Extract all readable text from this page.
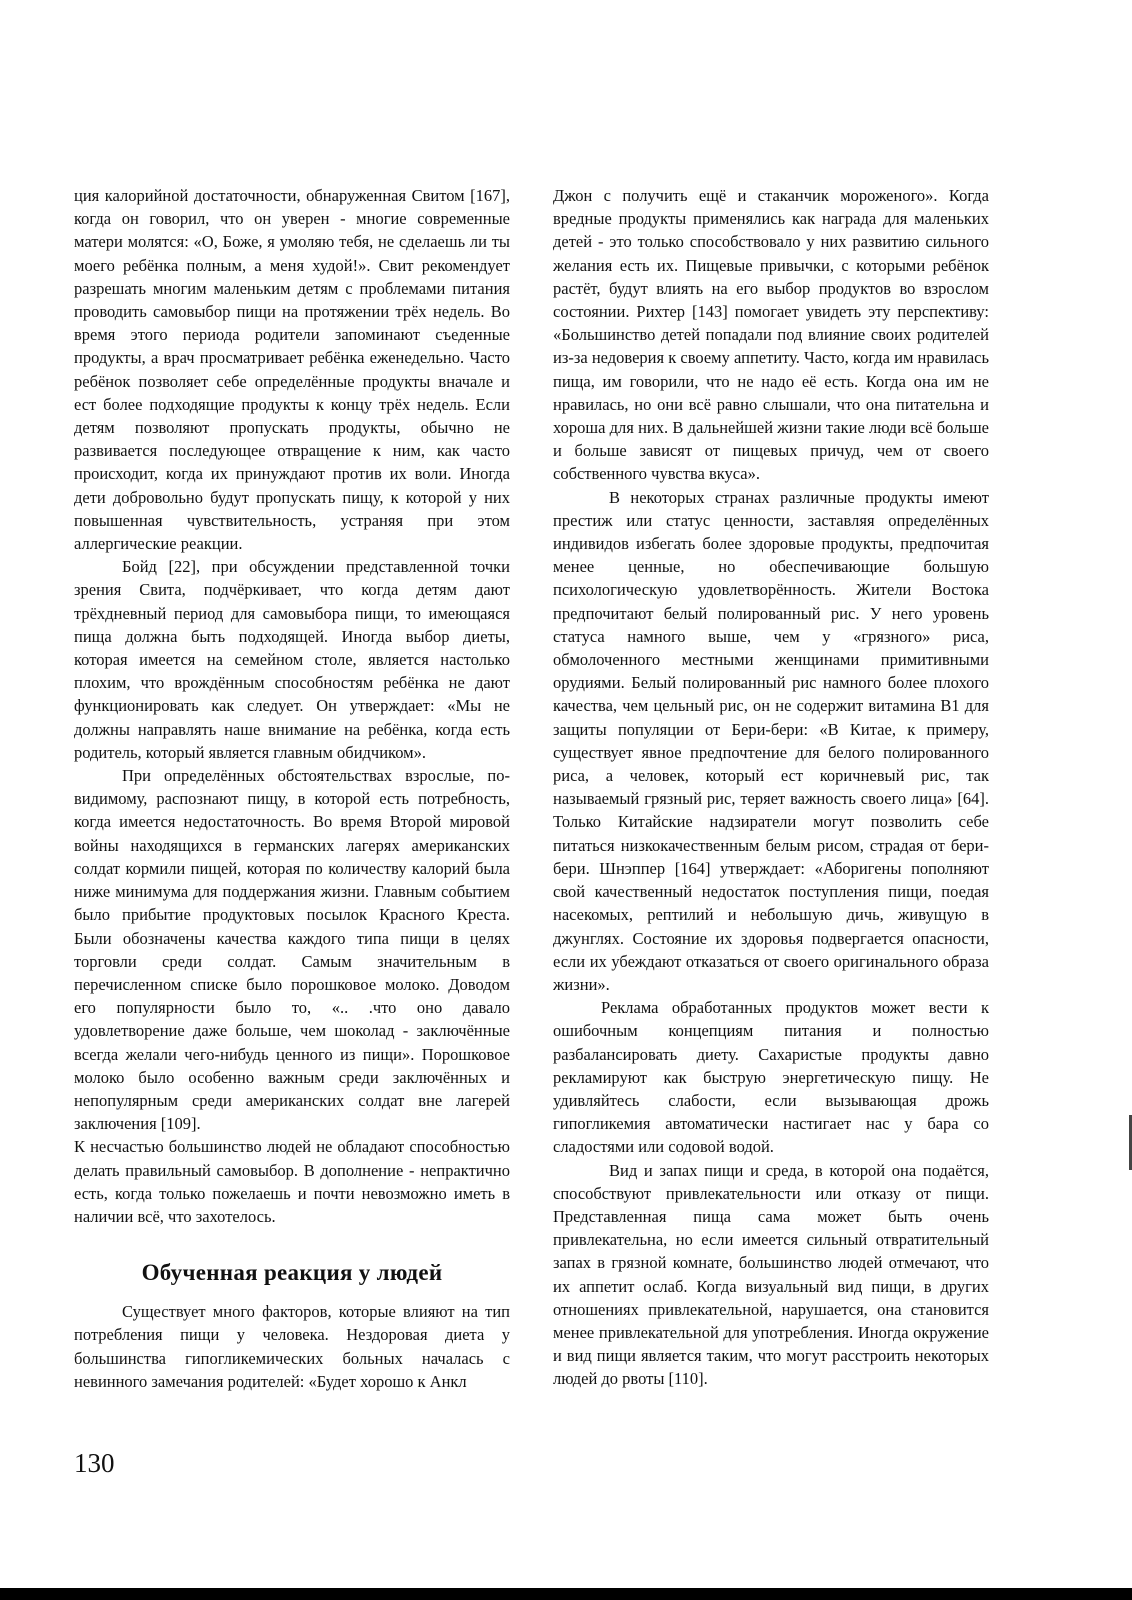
ция калорийной достаточности, обнаруженная Свитом [167], когда он говорил, что он уверен - многие современные матери молятся: «О, Боже, я умоляю тебя, не сделаешь ли ты моего ребёнка полным, а меня худой!». Свит рекомендует разрешать многим маленьким детям с проблемами питания проводить самовыбор пищи на протяжении трёх недель. Во время этого периода родители запоминают съеденные продукты, а врач просматривает ребёнка еженедельно. Часто ребёнок позволяет себе определённые продукты вначале и ест более подходящие продукты к концу трёх недель. Если детям позволяют пропускать продукты, обычно не развивается последующее отвращение к ним, как часто происходит, когда их принуждают против их воли. Иногда дети добровольно будут пропускать пищу, к которой у них повышенная чувствительность, устраняя при этом аллергические реакции.

Бойд [22], при обсуждении представленной точки зрения Свита, подчёркивает, что когда детям дают трёхдневный период для самовыбора пищи, то имеющаяся пища должна быть подходящей. Иногда выбор диеты, которая имеется на семейном столе, является настолько плохим, что врождённым способностям ребёнка не дают функционировать как следует. Он утверждает: «Мы не должны направлять наше внимание на ребёнка, когда есть родитель, который является главным обидчиком».

При определённых обстоятельствах взрослые, по-видимому, распознают пищу, в которой есть потребность, когда имеется недостаточность. Во время Второй мировой войны находящихся в германских лагерях американских солдат кормили пищей, которая по количеству калорий была ниже минимума для поддержания жизни. Главным событием было прибытие продуктовых посылок Красного Креста. Были обозначены качества каждого типа пищи в целях торговли среди солдат. Самым значительным в перечисленном списке было порошковое молоко. Доводом его популярности было то, «.. .что оно давало удовлетворение даже больше, чем шоколад - заключённые всегда желали чего-нибудь ценного из пищи». Порошковое молоко было особенно важным среди заключённых и непопулярным среди американских солдат вне лагерей заключения [109].

К несчастью большинство людей не обладают способностью делать правильный самовыбор. В дополнение - непрактично есть, когда только пожелаешь и почти невозможно иметь в наличии всё, что захотелось.

Обученная реакция у людей

Существует много факторов, которые влияют на тип потребления пищи у человека. Нездоровая диета у большинства гипогликемических больных началась с невинного замечания родителей: «Будет хорошо к Анкл

Джон с получить ещё и стаканчик мороженого». Когда вредные продукты применялись как награда для маленьких детей - это только способствовало у них развитию сильного желания есть их. Пищевые привычки, с которыми ребёнок растёт, будут влиять на его выбор продуктов во взрослом состоянии. Рихтер [143] помогает увидеть эту перспективу: «Большинство детей попадали под влияние своих родителей из-за недоверия к своему аппетиту. Часто, когда им нравилась пища, им говорили, что не надо её есть. Когда она им не нравилась, но они всё равно слышали, что она питательна и хороша для них. В дальнейшей жизни такие люди всё больше и больше зависят от пищевых причуд, чем от своего собственного чувства вкуса».

В некоторых странах различные продукты имеют престиж или статус ценности, заставляя определённых индивидов избегать более здоровые продукты, предпочитая менее ценные, но обеспечивающие большую психологическую удовлетворённость. Жители Востока предпочитают белый полированный рис. У него уровень статуса намного выше, чем у «грязного» риса, обмолоченного местными женщинами примитивными орудиями. Белый полированный рис намного более плохого качества, чем цельный рис, он не содержит витамина В1 для защиты популяции от Бери-бери: «В Китае, к примеру, существует явное предпочтение для белого полированного риса, а человек, который ест коричневый рис, так называемый грязный рис, теряет важность своего лица» [64]. Только Китайские надзиратели могут позволить себе питаться низкокачественным белым рисом, страдая от бери-бери. Шнэппер [164] утверждает: «Аборигены пополняют свой качественный недостаток поступления пищи, поедая насекомых, рептилий и небольшую дичь, живущую в джунглях. Состояние их здоровья подвергается опасности, если их убеждают отказаться от своего оригинального образа жизни».

Реклама обработанных продуктов может вести к ошибочным концепциям питания и полностью разбалансировать диету. Сахаристые продукты давно рекламируют как быструю энергетическую пищу. Не удивляйтесь слабости, если вызывающая дрожь гипогликемия автоматически настигает нас у бара со сладостями или содовой водой.

Вид и запах пищи и среда, в которой она подаётся, способствуют привлекательности или отказу от пищи. Представленная пища сама может быть очень привлекательна, но если имеется сильный отвратительный запах в грязной комнате, большинство людей отмечают, что их аппетит ослаб. Когда визуальный вид пищи, в других отношениях привлекательной, нарушается, она становится менее привлекательной для употребления. Иногда окружение и вид пищи является таким, что могут расстроить некоторых людей до рвоты [110].

130
